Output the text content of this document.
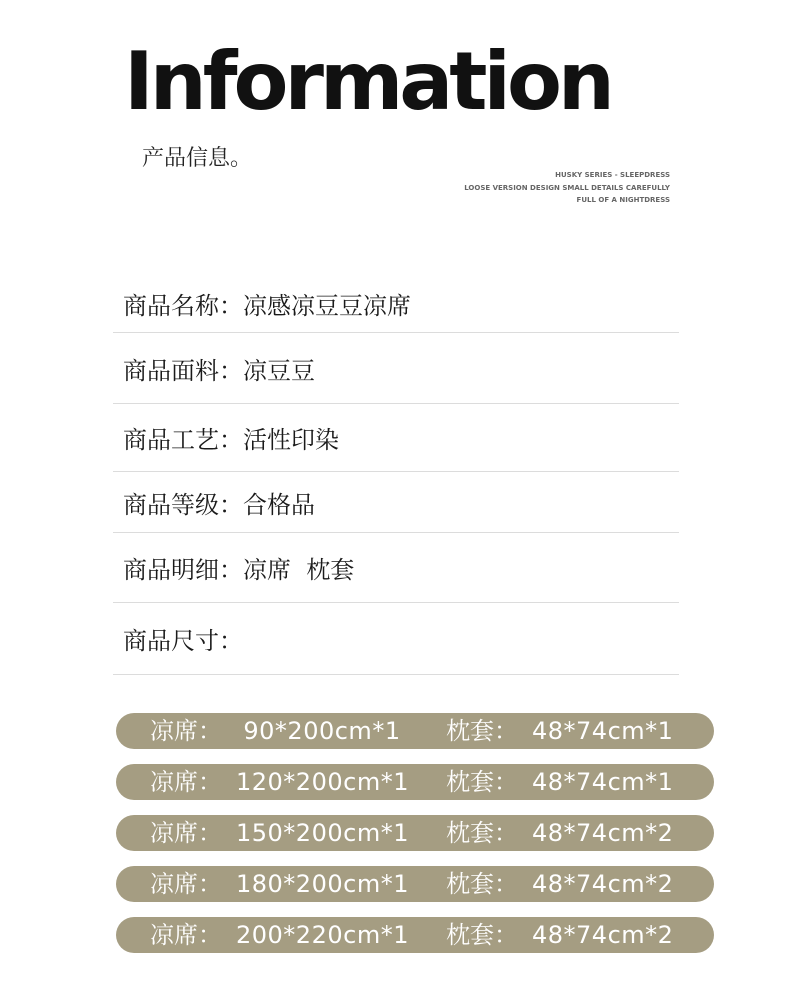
Information
产品信息。
HUSKY SERIES - SLEEPDRESS
LOOSE VERSION DESIGN SMALL DETAILS CAREFULLY
FULL OF A NIGHTDRESS
商品名称： 凉感凉豆豆凉席
商品面料： 凉豆豆
商品工艺： 活性印染
商品等级： 合格品
商品明细： 凉席  枕套
商品尺寸：
凉席： 90*200cm*1	枕套： 48*74cm*1
凉席： 120*200cm*1 枕套： 48*74cm*1
凉席： 150*200cm*1 枕套： 48*74cm*2
凉席： 180*200cm*1 枕套： 48*74cm*2
凉席： 200*220cm*1 枕套： 48*74cm*2
